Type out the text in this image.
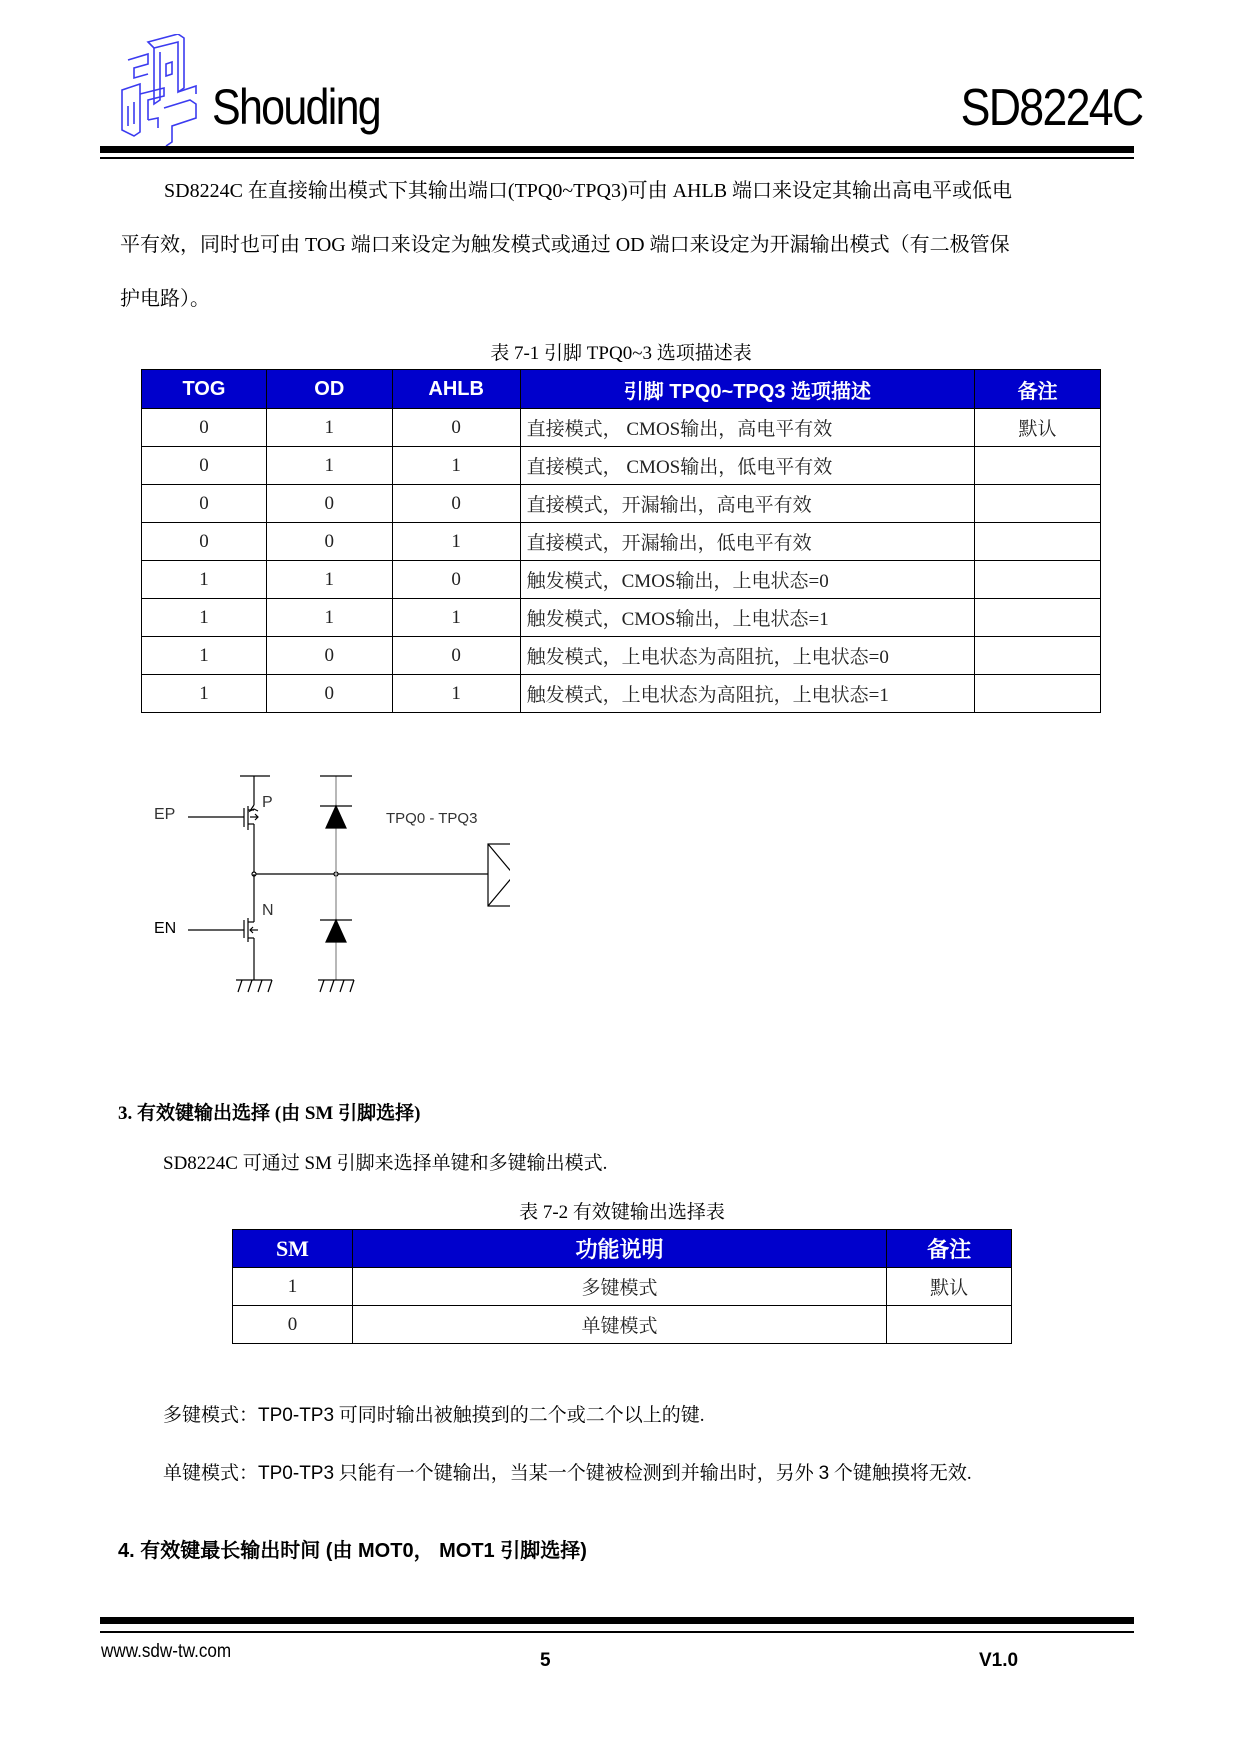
Shouding	SD8224C
SD8224C 在直接输出模式下其输出端口(TPQ0~TPQ3)可由 AHLB 端口来设定其输出高电平或低电
平有效，同时也可由 TOG 端口来设定为触发模式或通过 OD 端口来设定为开漏输出模式（有二极管保
护电路）。
表 7-1 引脚 TPQ0~3 选项描述表
TOG	OD	AHLB	引脚 TPQ0~TPQ3 选项描述	备注
0	1	0	直接模式， CMOS输出，高电平有效	默认
0	1	1	直接模式， CMOS输出，低电平有效	
0	0	0	直接模式，开漏输出，高电平有效	
0	0	1	直接模式，开漏输出，低电平有效	
1	1	0	触发模式，CMOS输出，上电状态=0	
1	1	1	触发模式，CMOS输出，上电状态=1	
1	0	0	触发模式，上电状态为高阻抗，上电状态=0	
1	0	1	触发模式，上电状态为高阻抗，上电状态=1	
EP
EN
P
N
TPQ0 - TPQ3
3. 有效键输出选择 (由 SM 引脚选择)
SD8224C 可通过 SM 引脚来选择单键和多键输出模式.
表 7-2 有效键输出选择表
SM	功能说明	备注
1	多键模式	默认
0	单键模式	
多键模式：TP0-TP3 可同时输出被触摸到的二个或二个以上的键.
单键模式：TP0-TP3 只能有一个键输出，当某一个键被检测到并输出时，另外 3 个键触摸将无效.
4. 有效键最长输出时间 (由 MOT0， MOT1 引脚选择)
www.sdw-tw.com	5	V1.0
